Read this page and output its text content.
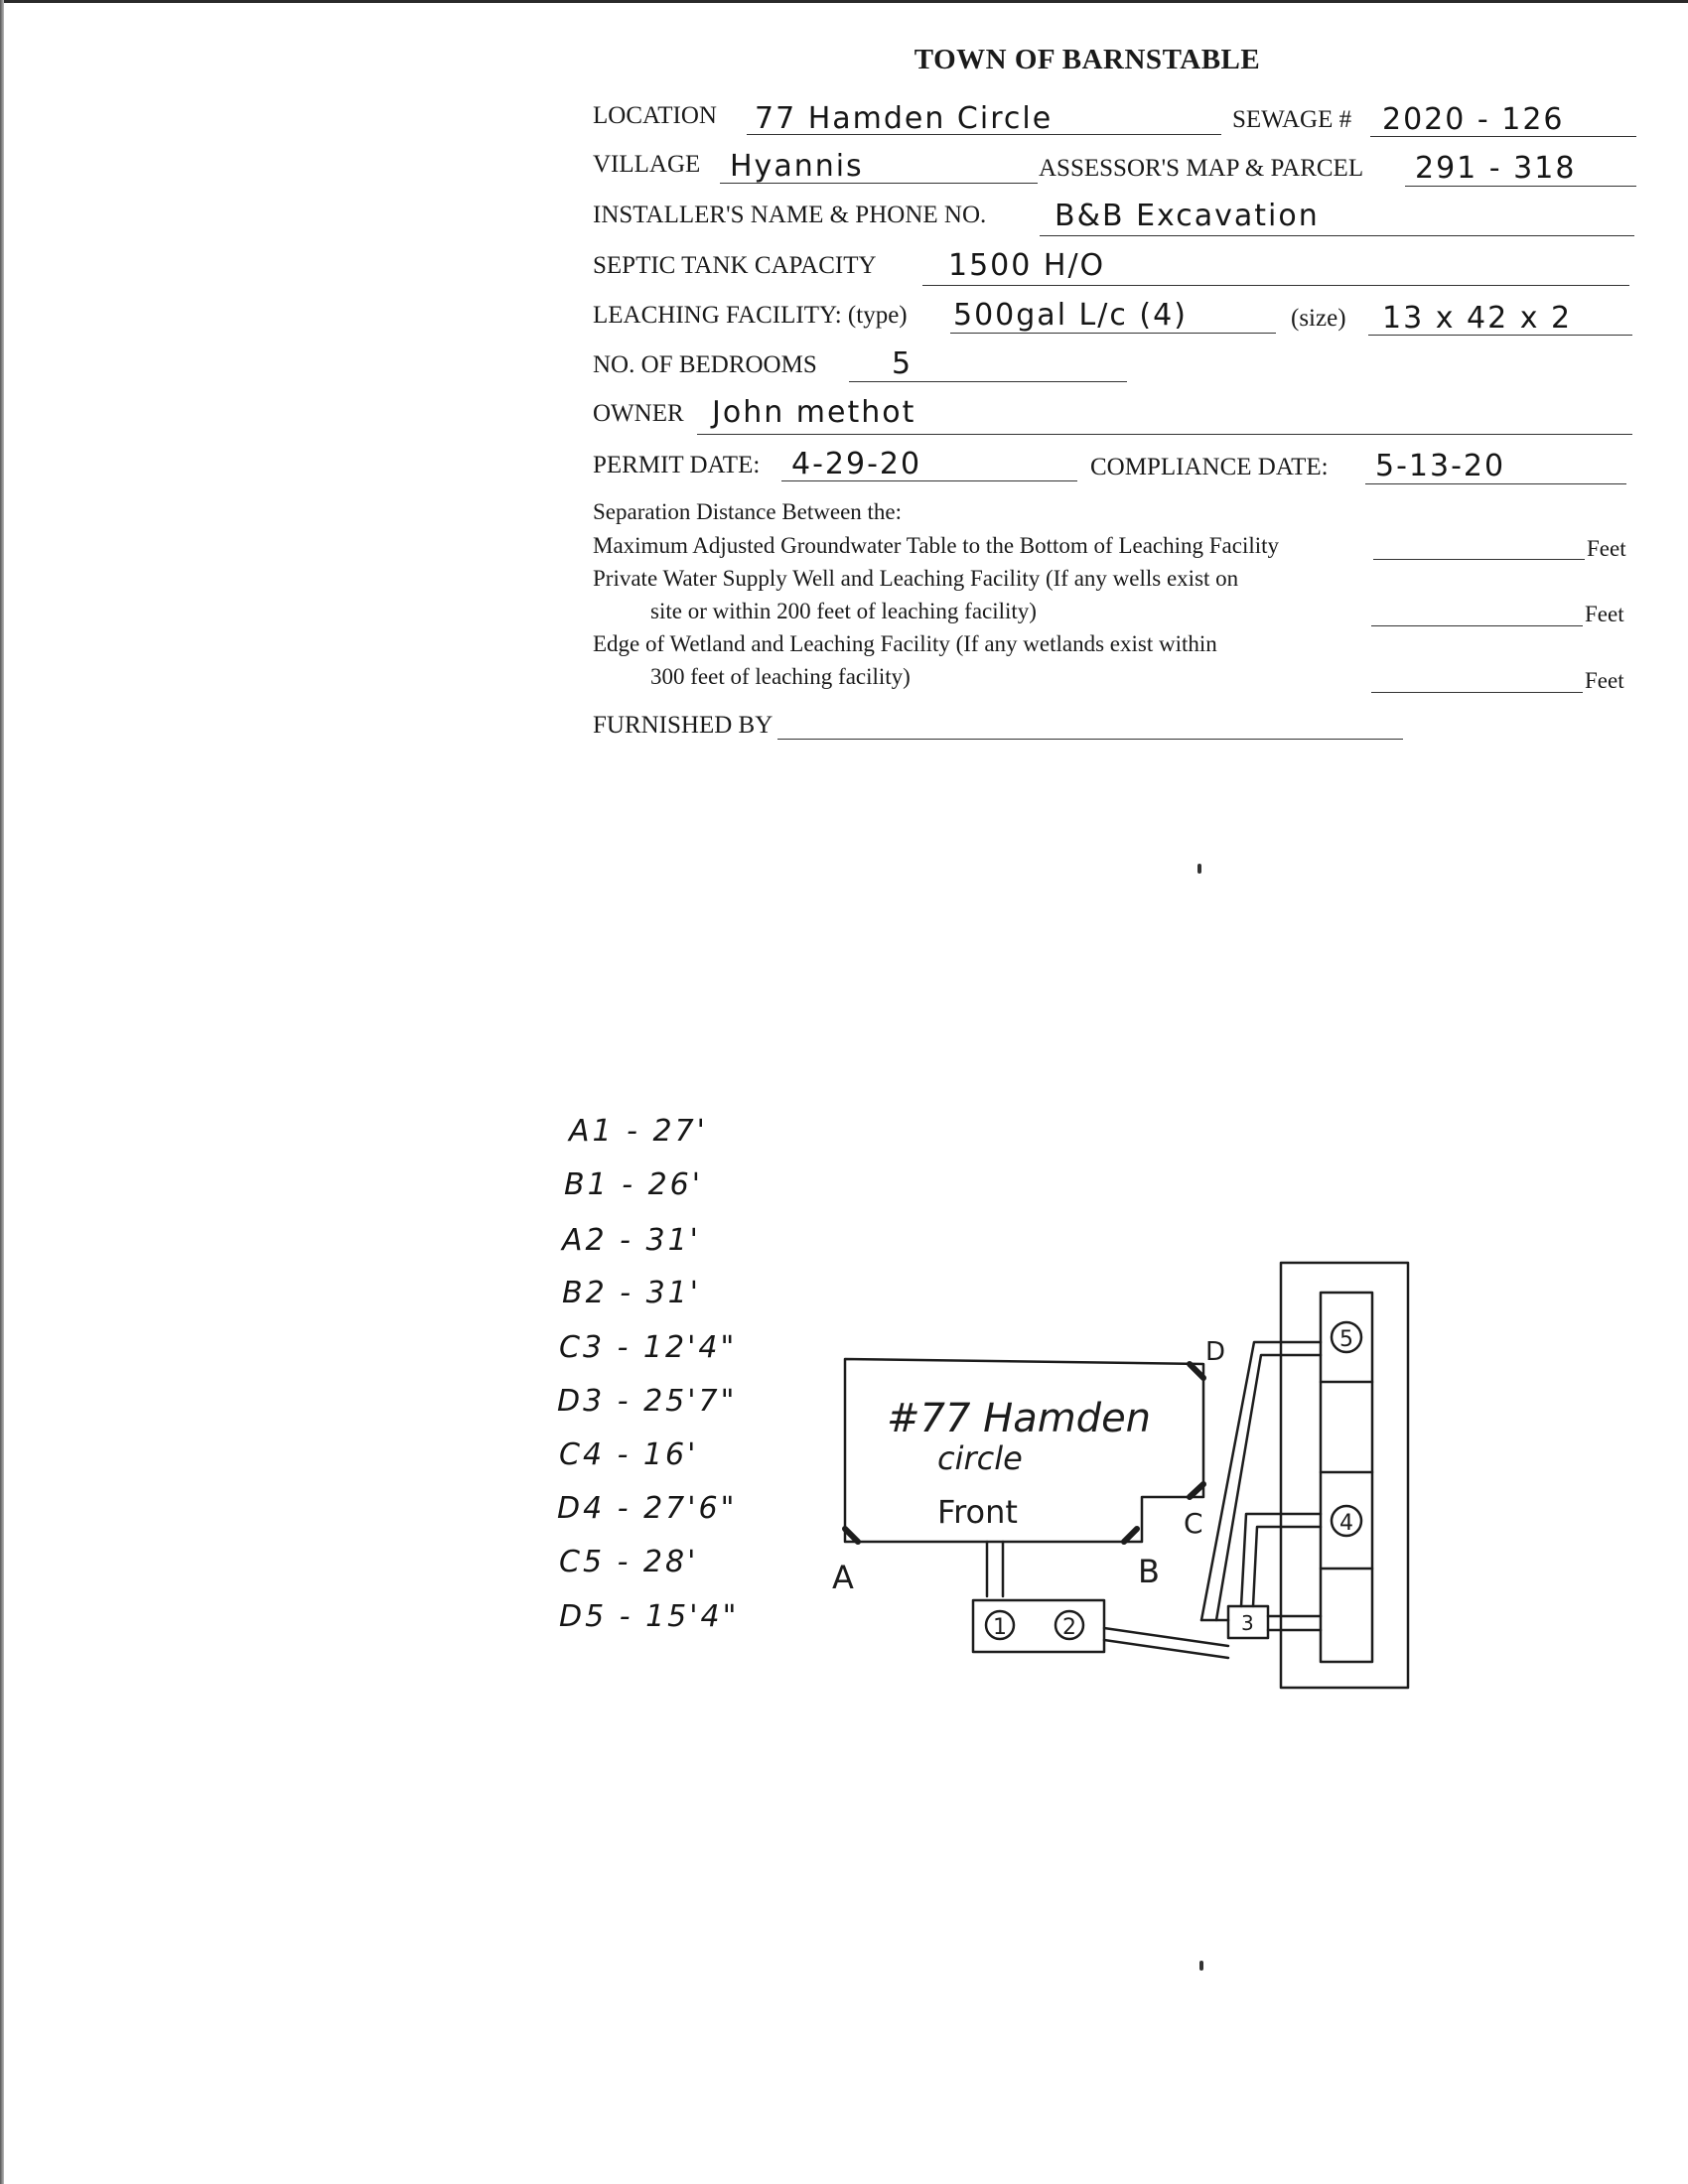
TOWN OF BARNSTABLE
LOCATION 77 Hamden Circle	SEWAGE # 2020 - 126
VILLAGE Hyannis	ASSESSOR'S MAP & PARCEL 291 - 318
INSTALLER'S NAME & PHONE NO. B&B Excavation
SEPTIC TANK CAPACITY 1500 H/O
LEACHING FACILITY: (type) 500gal L/c (4)	(size) 13 x 42 x 2
NO. OF BEDROOMS	5
OWNER John methot
PERMIT DATE: 4-29-20	COMPLIANCE DATE: 5-13-20
Separation Distance Between the:
Maximum Adjusted Groundwater Table to the Bottom of Leaching Facility	Feet
Private Water Supply Well and Leaching Facility (If any wells exist on
site or within 200 feet of leaching facility)	Feet
Edge of Wetland and Leaching Facility (If any wetlands exist within
300 feet of leaching facility)	Feet
FURNISHED BY
A1 - 27'
B1 - 26'
A2 - 31'
B2 - 31'
C3 - 12'4"
D3 - 25'7"
C4 - 16'
D4 - 27'6"
C5 - 28'
D5 - 15'4"
#77 Hamden
circle
Front
A	B
C
D
1	2	3
4
5
